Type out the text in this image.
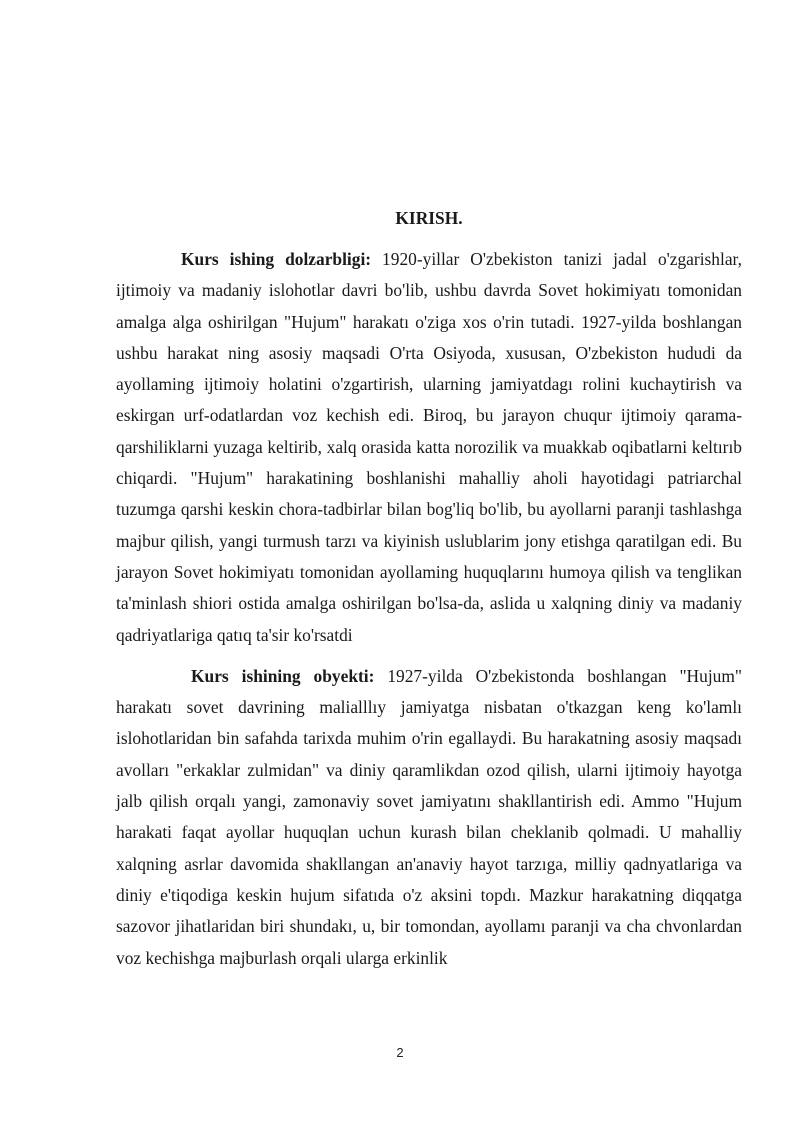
KIRISH.

Kurs ishing dolzarbligi: 1920-yillar O'zbekiston tanizi jadal o'zgarishlar, ijtimoiy va madaniy islohotlar davri bo'lib, ushbu davrda Sovet hokimiyatı tomonidan amalga alga oshirilgan "Hujum" harakatı o'ziga xos o'rin tutadi. 1927-yilda boshlangan ushbu harakat ning asosiy maqsadi O'rta Osiyoda, xususan, O'zbekiston hududi da ayollaming ijtimoiy holatini o'zgartirish, ularning jamiyatdagı rolini kuchaytirish va eskirgan urf-odatlardan voz kechish edi. Biroq, bu jarayon chuqur ijtimoiy qarama-qarshiliklarni yuzaga keltirib, xalq orasida katta norozilik va muakkab oqibatlarni keltırıb chiqardi. "Hujum" harakatining boshlanishi mahalliy aholi hayotidagi patriarchal tuzumga qarshi keskin chora-tadbirlar bilan bog'liq bo'lib, bu ayollarni paranji tashlashga majbur qilish, yangi turmush tarzı va kiyinish uslublarim jony etishga qaratilgan edi. Bu jarayon Sovet hokimiyatı tomonidan ayollaming huquqlarını humoya qilish va tenglikan ta'minlash shiori ostida amalga oshirilgan bo'lsa-da, aslida u xalqning diniy va madaniy qadriyatlariga qatıq ta'sir ko'rsatdi

Kurs ishining obyekti: 1927-yilda O'zbekistonda boshlangan "Hujum" harakatı sovet davrining malialllıy jamiyatga nisbatan o'tkazgan keng ko'lamlı islohotlaridan bin safahda tarixda muhim o'rin egallaydi. Bu harakatning asosiy maqsadı avolları "erkaklar zulmidan" va diniy qaramlikdan ozod qilish, ularni ijtimoiy hayotga jalb qilish orqalı yangi, zamonaviy sovet jamiyatını shakllantirish edi. Ammo "Hujum harakati faqat ayollar huquqlan uchun kurash bilan cheklanib qolmadi. U mahalliy xalqning asrlar davomida shakllangan an'anaviy hayot tarzıga, milliy qadnyatlariga va diniy e'tiqodiga keskin hujum sifatıda o'z aksini topdı. Mazkur harakatning diqqatga sazovor jihatlaridan biri shundakı, u, bir tomondan, ayollamı paranji va cha chvonlardan voz kechishga majburlash orqali ularga erkinlik

2
